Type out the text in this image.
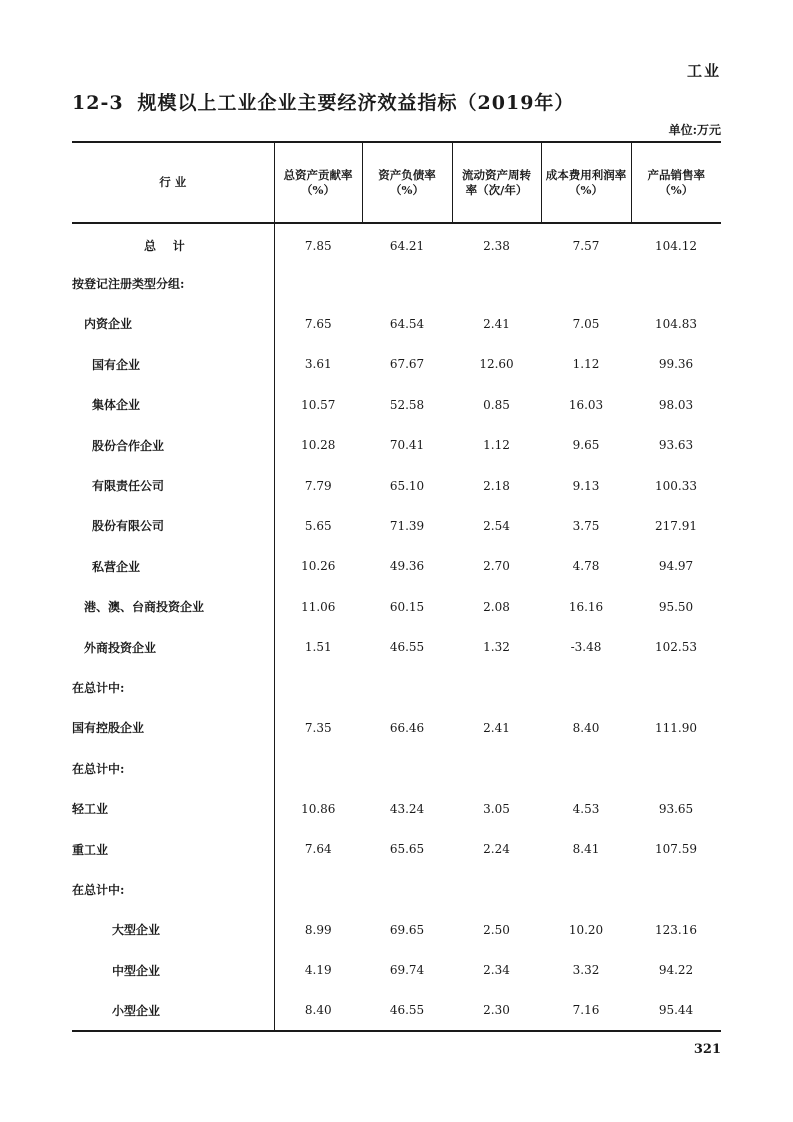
工业
12-3 规模以上工业企业主要经济效益指标（2019年）
单位:万元
行 业	总资产贡献率（%）	资产负债率（%）	流动资产周转率（次/年）	成本费用利润率（%）	产品销售率（%）
总    计	7.85	64.21	2.38	7.57	104.12
按登记注册类型分组:					
内资企业	7.65	64.54	2.41	7.05	104.83
国有企业	3.61	67.67	12.60	1.12	99.36
集体企业	10.57	52.58	0.85	16.03	98.03
股份合作企业	10.28	70.41	1.12	9.65	93.63
有限责任公司	7.79	65.10	2.18	9.13	100.33
股份有限公司	5.65	71.39	2.54	3.75	217.91
私营企业	10.26	49.36	2.70	4.78	94.97
港、澳、台商投资企业	11.06	60.15	2.08	16.16	95.50
外商投资企业	1.51	46.55	1.32	-3.48	102.53
在总计中:					
国有控股企业	7.35	66.46	2.41	8.40	111.90
在总计中:					
轻工业	10.86	43.24	3.05	4.53	93.65
重工业	7.64	65.65	2.24	8.41	107.59
在总计中:					
大型企业	8.99	69.65	2.50	10.20	123.16
中型企业	4.19	69.74	2.34	3.32	94.22
小型企业	8.40	46.55	2.30	7.16	95.44
321
